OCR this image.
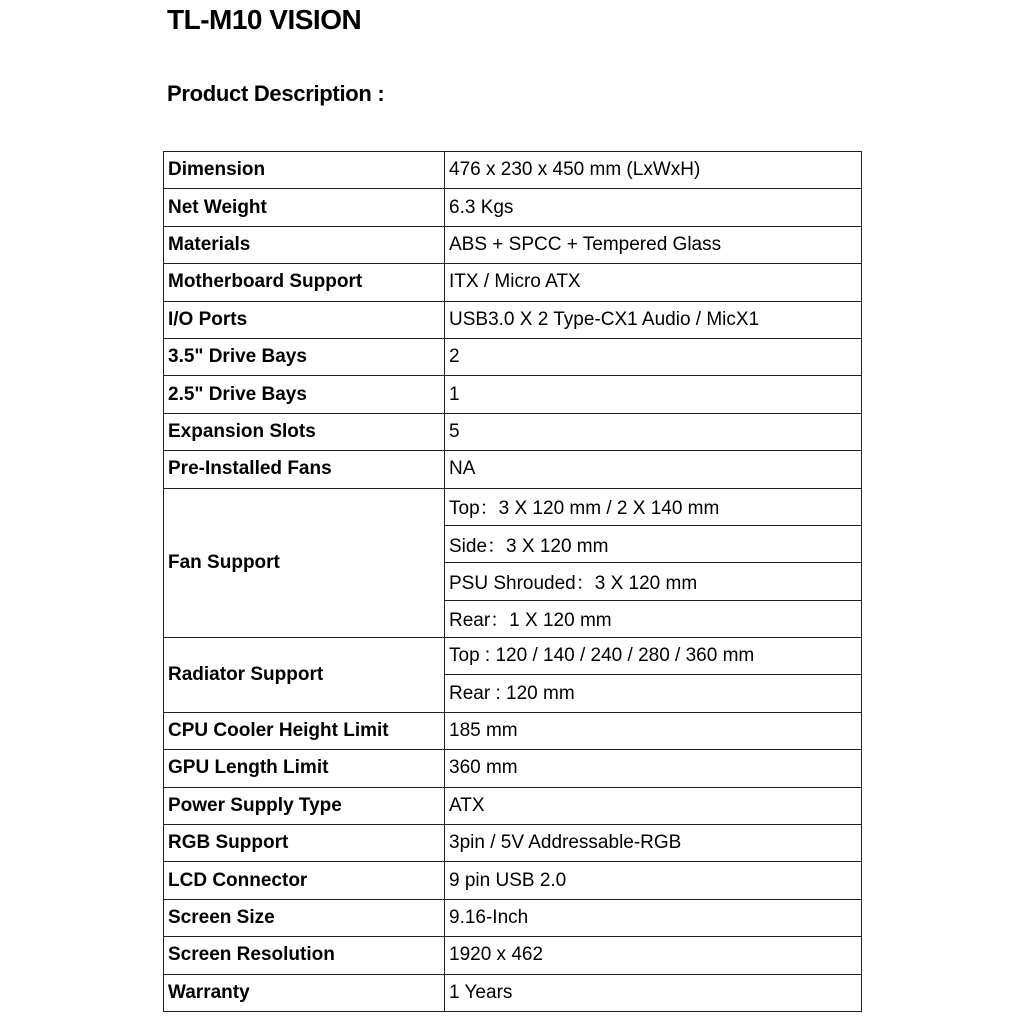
TL-M10 VISION
Product Description :
Dimension	476 x 230 x 450 mm (LxWxH)
Net Weight	6.3 Kgs
Materials	ABS + SPCC + Tempered Glass
Motherboard Support	ITX / Micro ATX
I/O Ports	USB3.0 X 2 Type-CX1 Audio / MicX1
3.5" Drive Bays	2
2.5" Drive Bays	1
Expansion Slots	5
Pre-Installed Fans	NA
Fan Support	Top：3 X 120 mm / 2 X 140 mm
	Side：3 X 120 mm
	PSU Shrouded：3 X 120 mm
	Rear：1 X 120 mm
Radiator Support	Top : 120 / 140 / 240 / 280 / 360 mm
	Rear : 120 mm
CPU Cooler Height Limit	185 mm
GPU Length Limit	360 mm
Power Supply Type	ATX
RGB Support	3pin / 5V Addressable-RGB
LCD Connector	9 pin USB 2.0
Screen Size	9.16-Inch
Screen Resolution	1920 x 462
Warranty	1 Years
